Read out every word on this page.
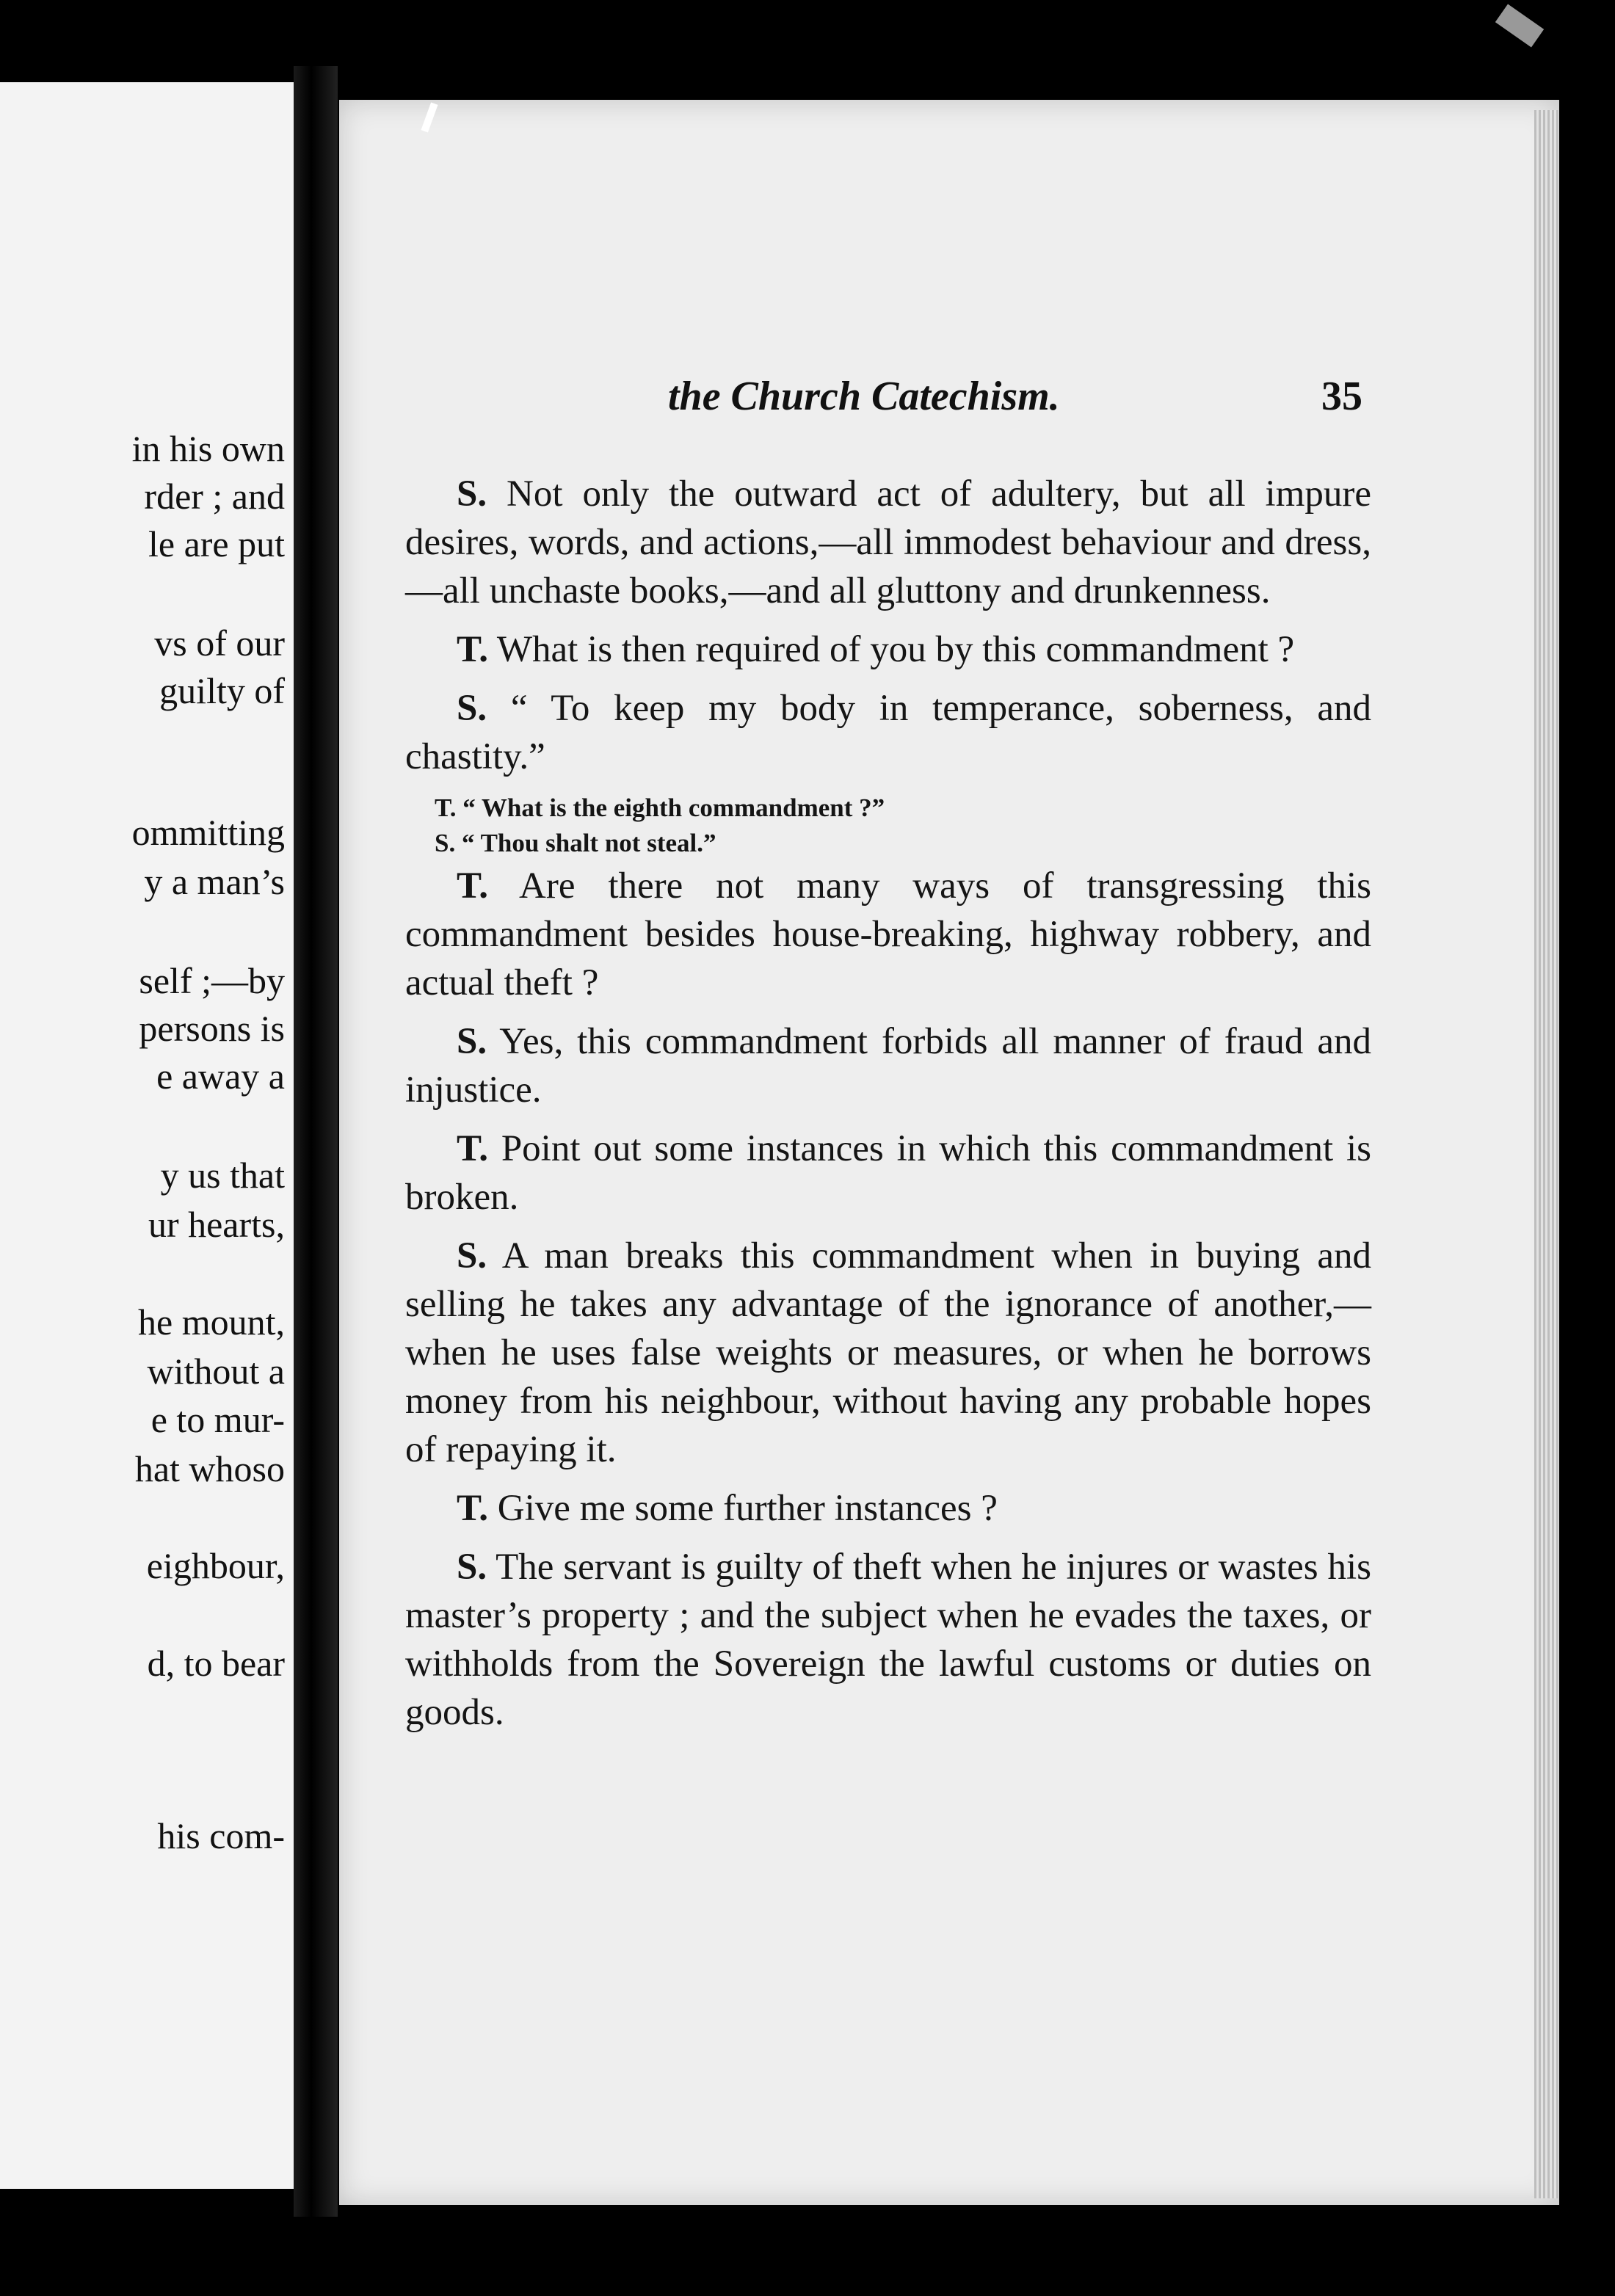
in his own
rder ; and
le are put
vs of our
guilty of
ommitting
y a man’s
self ;—by
persons is
e away a
y us that
ur hearts,
he mount,
without a
e to mur-
hat whoso
eighbour,
d, to bear
his com-
the Church Catechism.	35

S. Not only the outward act of adultery, but all impure desires, words, and actions,—all immodest behaviour and dress,—all unchaste books,—and all gluttony and drunkenness.

T. What is then required of you by this commandment ?

S. “ To keep my body in temperance, soberness, and chastity.”

T. “ What is the eighth commandment ?”

S. “ Thou shalt not steal.”

T. Are there not many ways of transgressing this commandment besides house-breaking, highway robbery, and actual theft ?

S. Yes, this commandment forbids all manner of fraud and injustice.

T. Point out some instances in which this commandment is broken.

S. A man breaks this commandment when in buying and selling he takes any advantage of the ignorance of another,—when he uses false weights or measures, or when he borrows money from his neighbour, without having any probable hopes of repaying it.

T. Give me some further instances ?

S. The servant is guilty of theft when he injures or wastes his master’s property ; and the subject when he evades the taxes, or withholds from the Sovereign the lawful customs or duties on goods.
